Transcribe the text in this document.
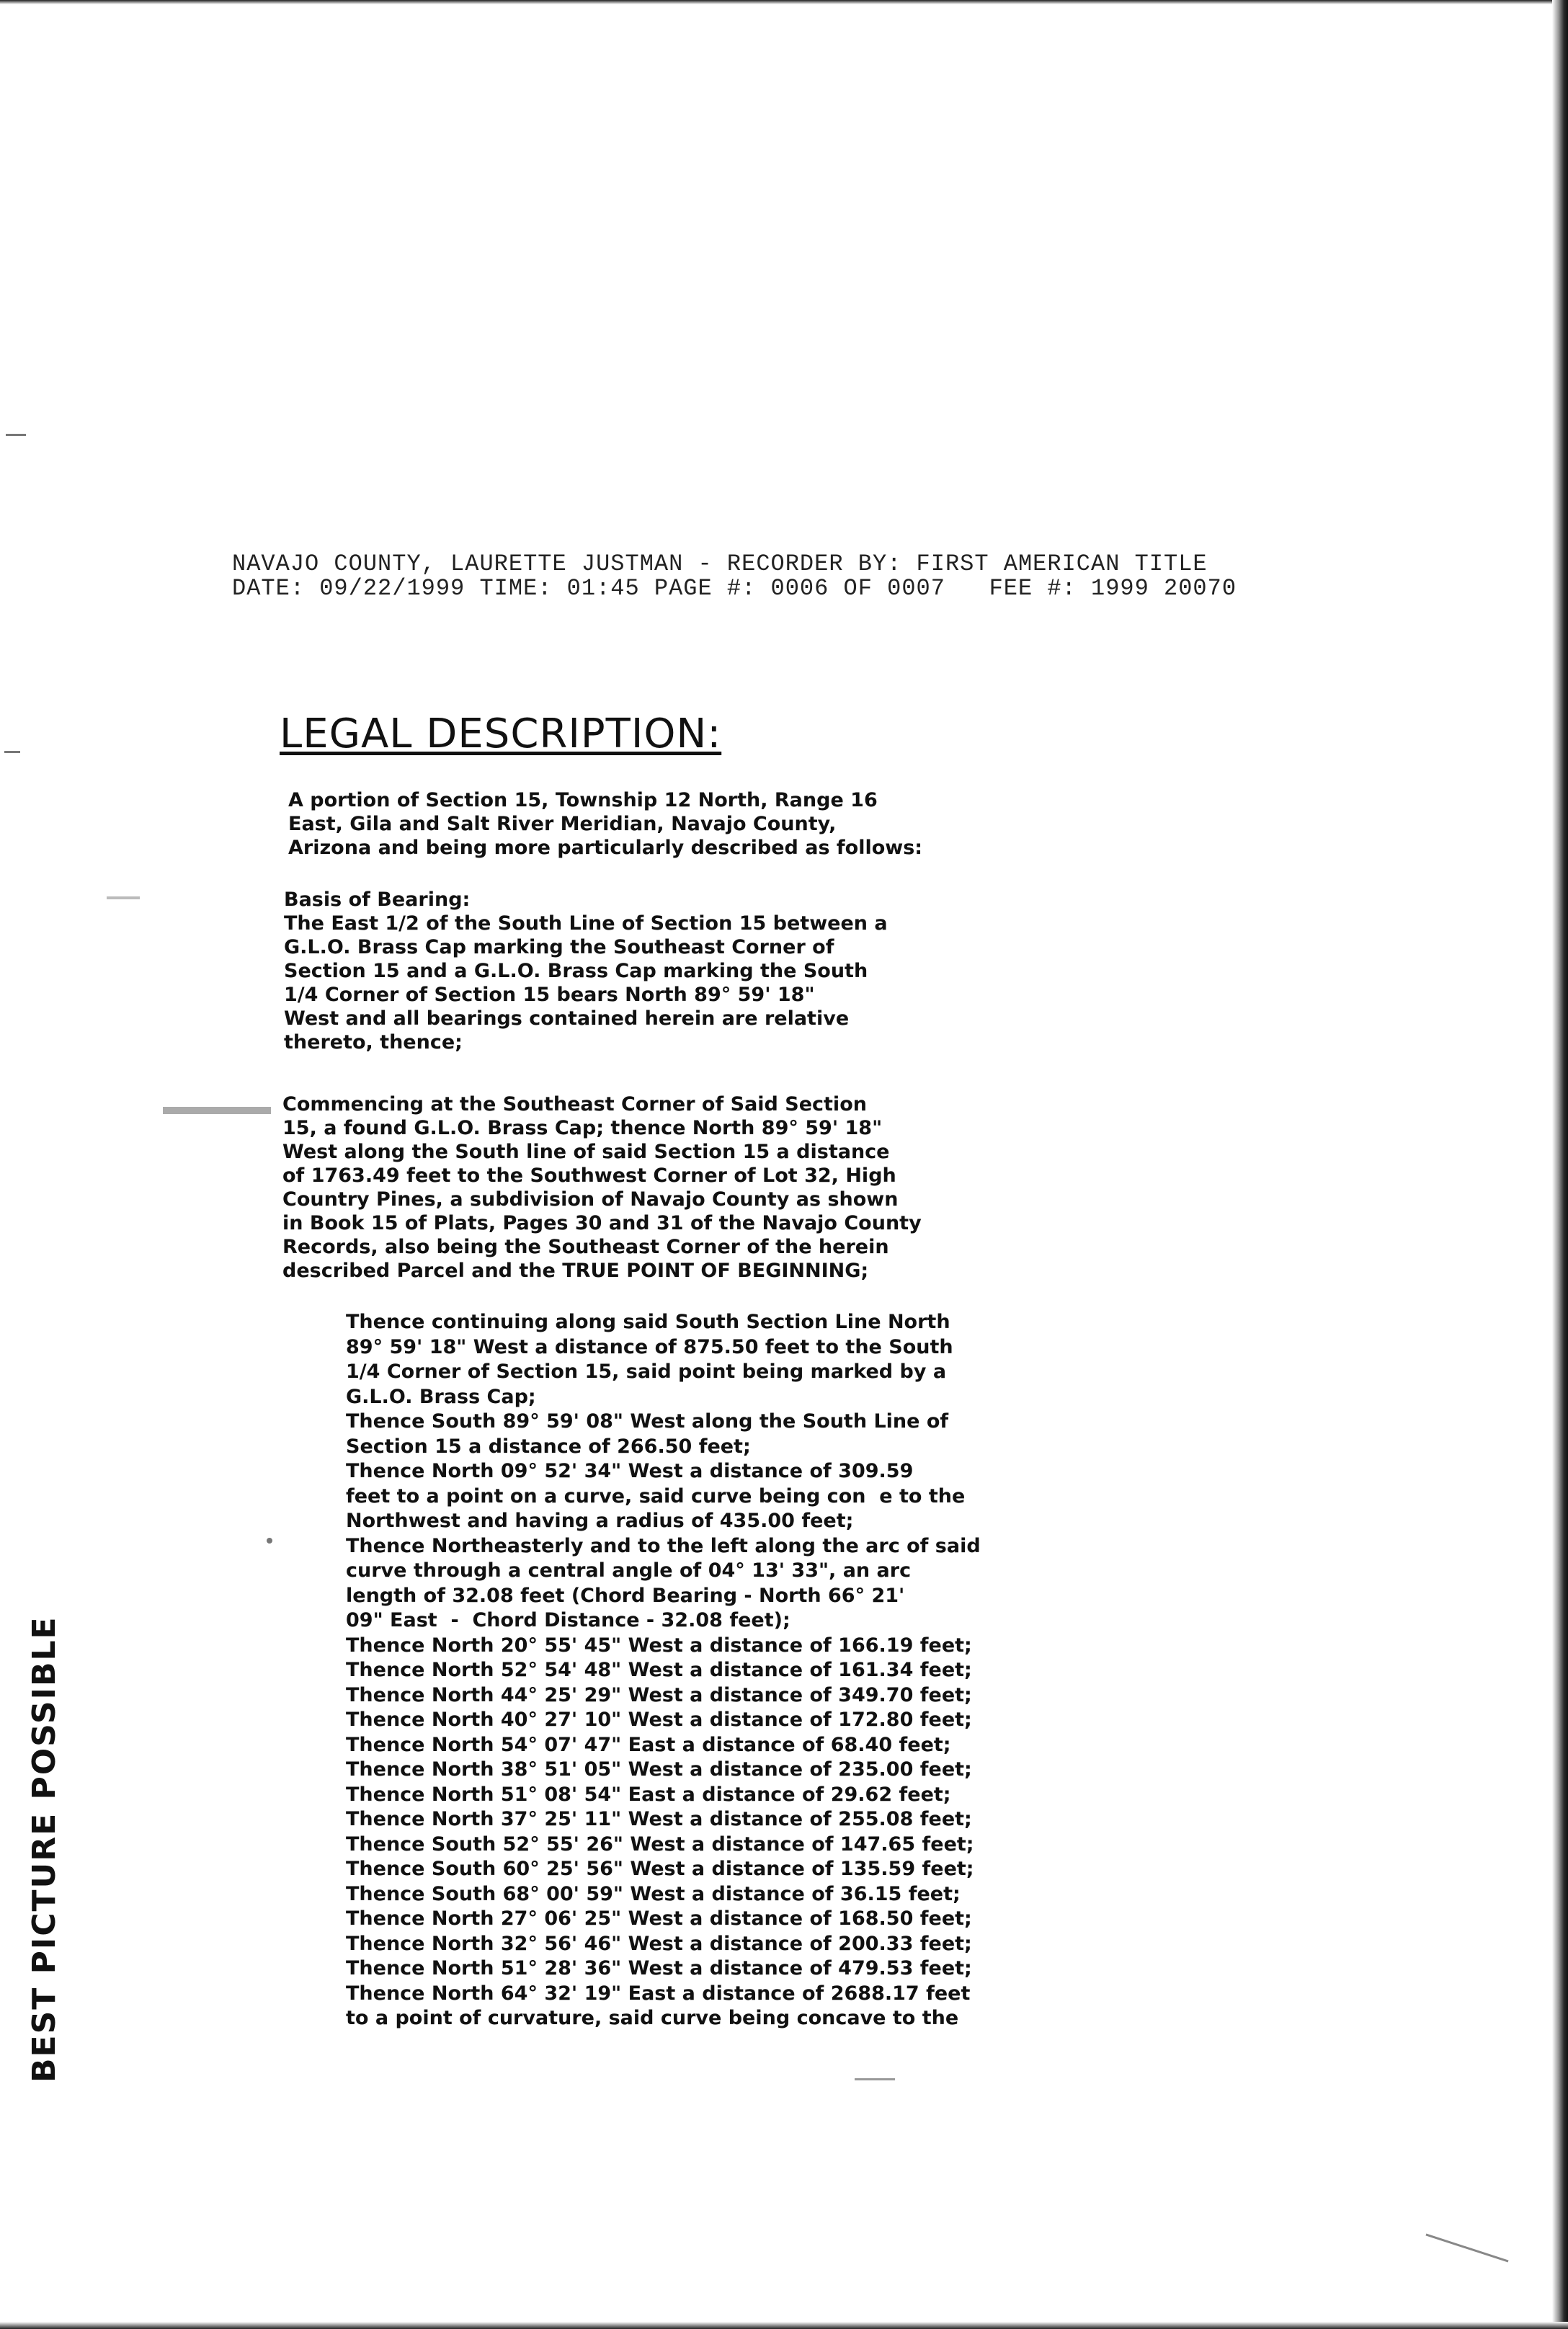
NAVAJO COUNTY, LAURETTE JUSTMAN - RECORDER BY: FIRST AMERICAN TITLE
DATE: 09/22/1999 TIME: 01:45 PAGE #: 0006 OF 0007   FEE #: 1999 20070
LEGAL DESCRIPTION:
A portion of Section 15, Township 12 North, Range 16
East, Gila and Salt River Meridian, Navajo County,
Arizona and being more particularly described as follows:
Basis of Bearing:
The East 1/2 of the South Line of Section 15 between a
G.L.O. Brass Cap marking the Southeast Corner of
Section 15 and a G.L.O. Brass Cap marking the South
1/4 Corner of Section 15 bears North 89° 59' 18"
West and all bearings contained herein are relative
thereto, thence;
Commencing at the Southeast Corner of Said Section
15, a found G.L.O. Brass Cap; thence North 89° 59' 18"
West along the South line of said Section 15 a distance
of 1763.49 feet to the Southwest Corner of Lot 32, High
Country Pines, a subdivision of Navajo County as shown
in Book 15 of Plats, Pages 30 and 31 of the Navajo County
Records, also being the Southeast Corner of the herein
described Parcel and the TRUE POINT OF BEGINNING;
Thence continuing along said South Section Line North
89° 59' 18" West a distance of 875.50 feet to the South
1/4 Corner of Section 15, said point being marked by a
G.L.O. Brass Cap;
Thence South 89° 59' 08" West along the South Line of
Section 15 a distance of 266.50 feet;
Thence North 09° 52' 34" West a distance of 309.59
feet to a point on a curve, said curve being con  e to the
Northwest and having a radius of 435.00 feet;
Thence Northeasterly and to the left along the arc of said
curve through a central angle of 04° 13' 33", an arc
length of 32.08 feet (Chord Bearing - North 66° 21'
09" East  -  Chord Distance - 32.08 feet);
Thence North 20° 55' 45" West a distance of 166.19 feet;
Thence North 52° 54' 48" West a distance of 161.34 feet;
Thence North 44° 25' 29" West a distance of 349.70 feet;
Thence North 40° 27' 10" West a distance of 172.80 feet;
Thence North 54° 07' 47" East a distance of 68.40 feet;
Thence North 38° 51' 05" West a distance of 235.00 feet;
Thence North 51° 08' 54" East a distance of 29.62 feet;
Thence North 37° 25' 11" West a distance of 255.08 feet;
Thence South 52° 55' 26" West a distance of 147.65 feet;
Thence South 60° 25' 56" West a distance of 135.59 feet;
Thence South 68° 00' 59" West a distance of 36.15 feet;
Thence North 27° 06' 25" West a distance of 168.50 feet;
Thence North 32° 56' 46" West a distance of 200.33 feet;
Thence North 51° 28' 36" West a distance of 479.53 feet;
Thence North 64° 32' 19" East a distance of 2688.17 feet
to a point of curvature, said curve being concave to the
BEST PICTURE POSSIBLE
